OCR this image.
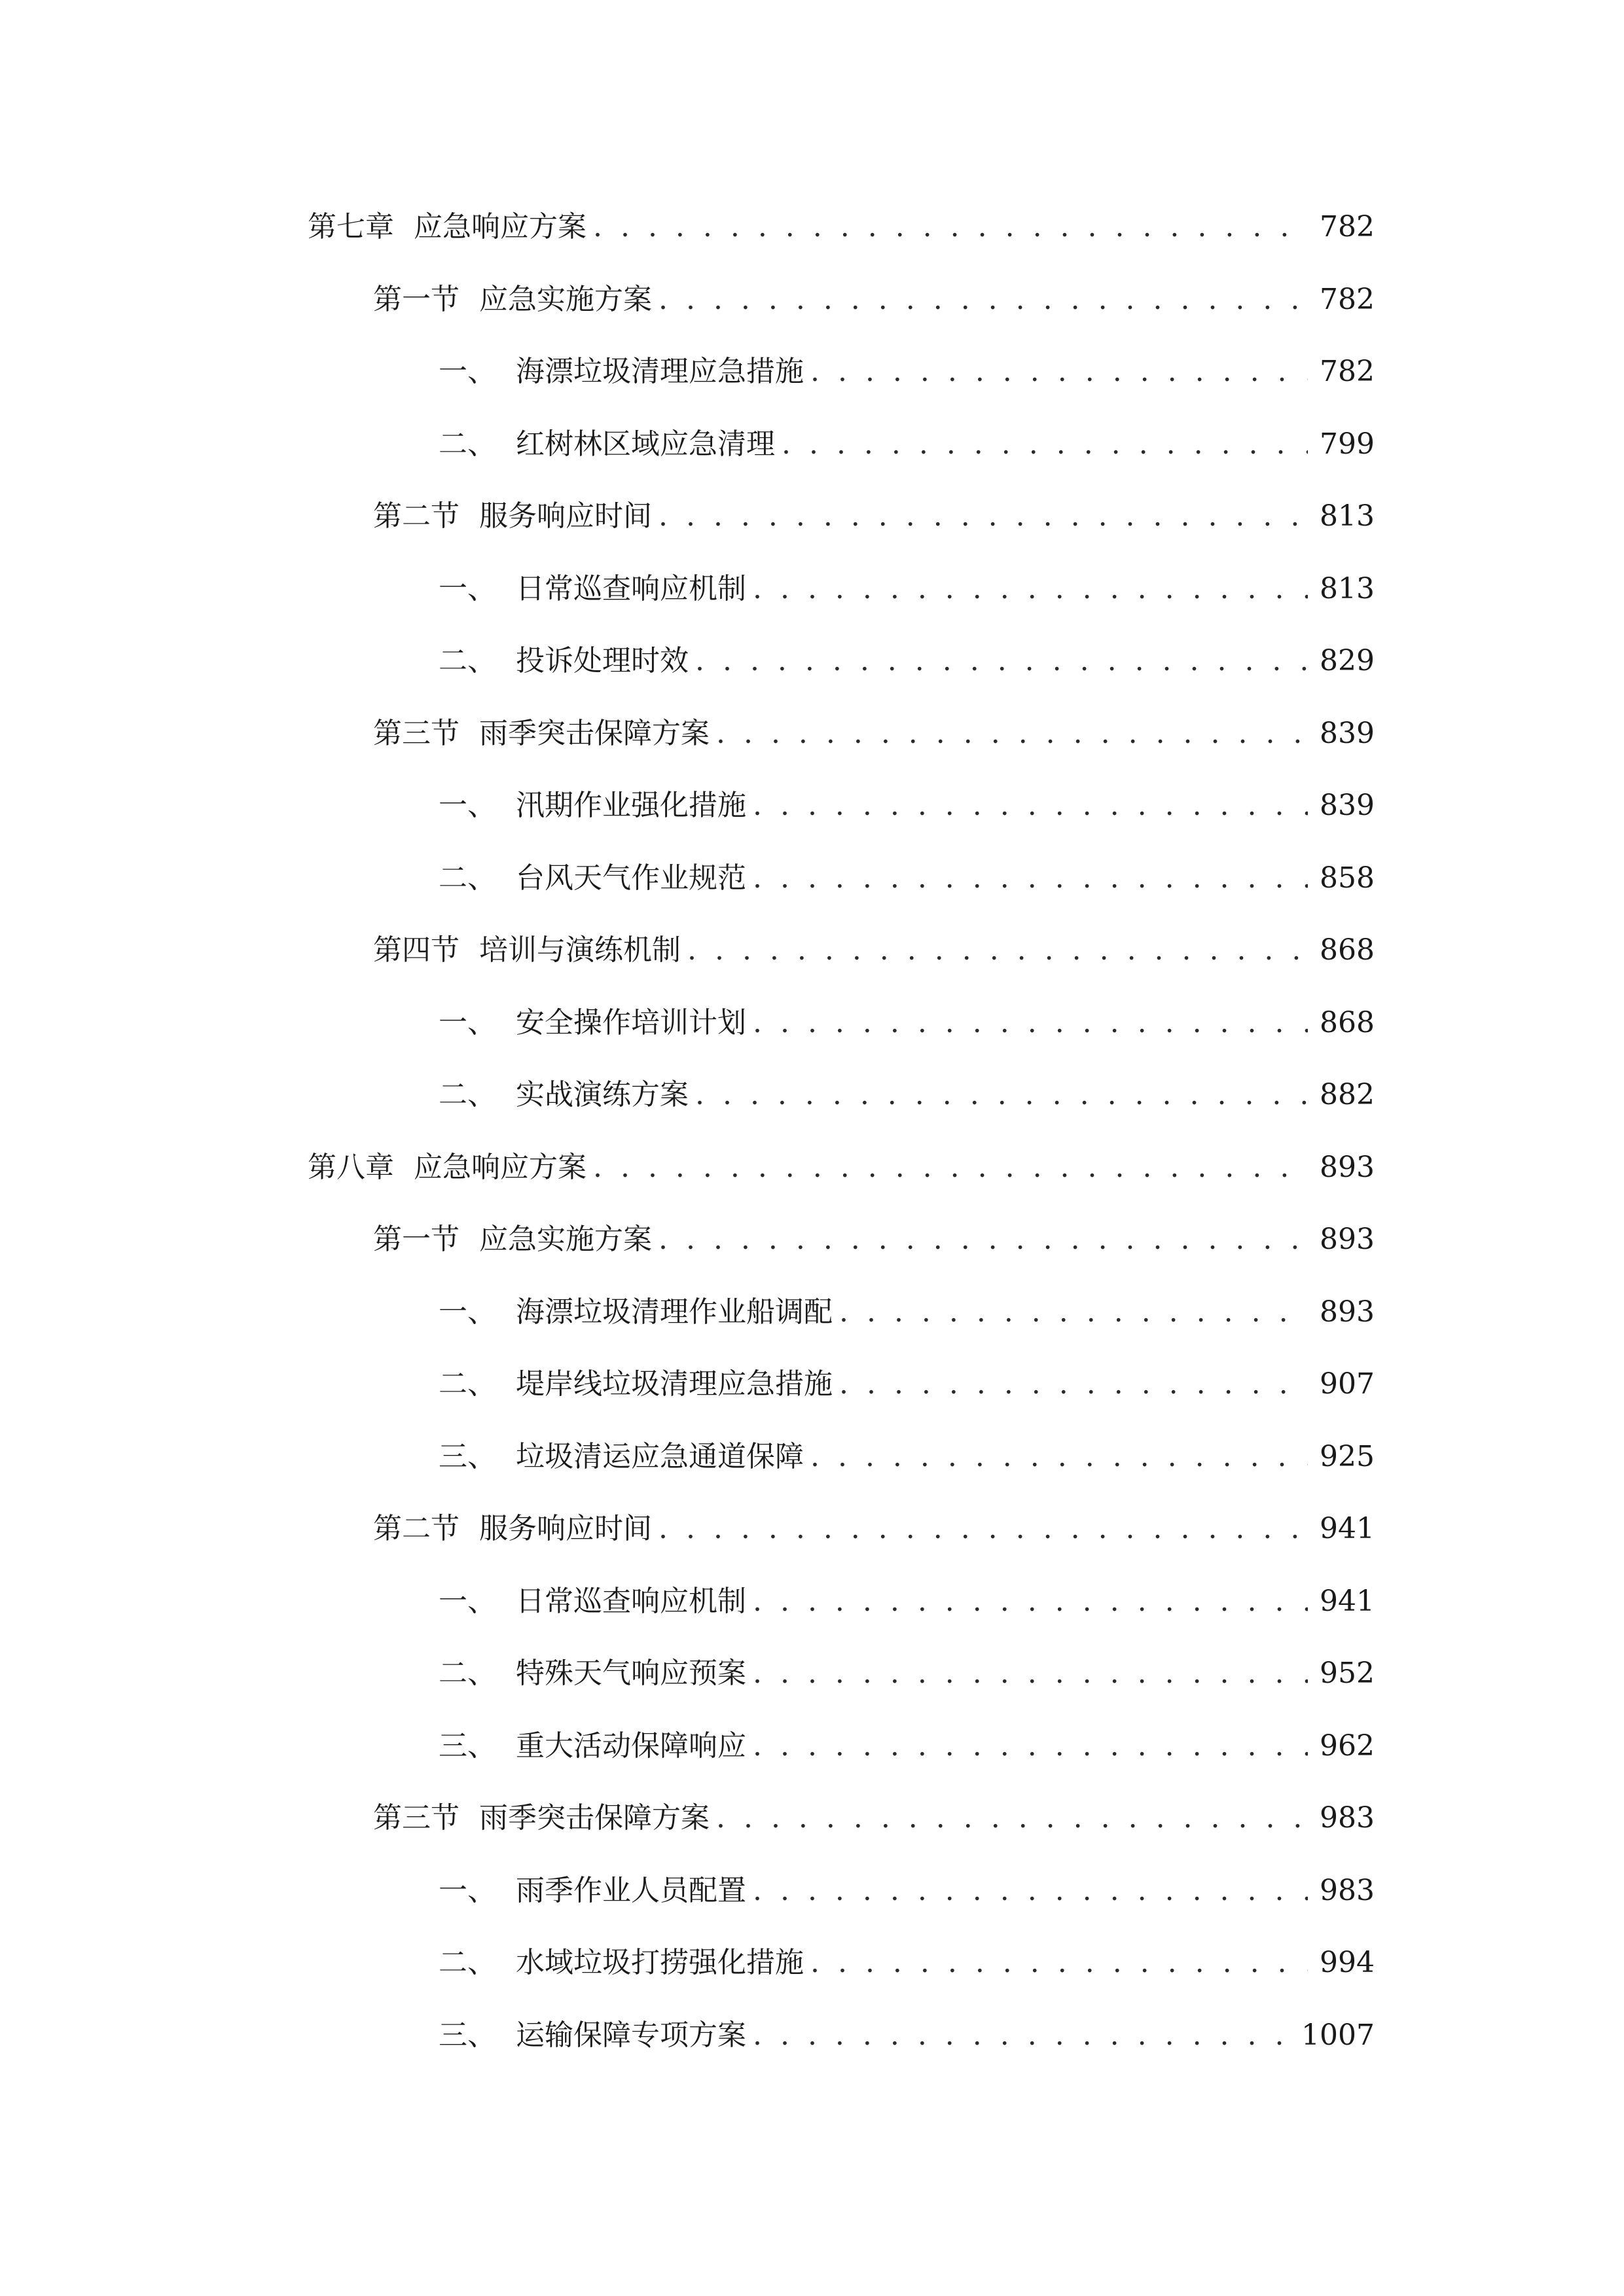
第七章 应急响应方案 . . .	782
第一节 应急实施方案 . . .	782
一、 海漂垃圾清理应急措施 . . .	782
二、 红树林区域应急清理 . . .	799
第二节 服务响应时间 . . .	813
一、 日常巡查响应机制 . . .	813
二、 投诉处理时效 . . .	829
第三节 雨季突击保障方案 . . .	839
一、 汛期作业强化措施 . . .	839
二、 台风天气作业规范 . . .	858
第四节 培训与演练机制 . . .	868
一、 安全操作培训计划 . . .	868
二、 实战演练方案 . . .	882
第八章 应急响应方案 . . .	893
第一节 应急实施方案 . . .	893
一、 海漂垃圾清理作业船调配 . . .	893
二、 堤岸线垃圾清理应急措施 . . .	907
三、 垃圾清运应急通道保障 . . .	925
第二节 服务响应时间 . . .	941
一、 日常巡查响应机制 . . .	941
二、 特殊天气响应预案 . . .	952
三、 重大活动保障响应 . . .	962
第三节 雨季突击保障方案 . . .	983
一、 雨季作业人员配置 . . .	983
二、 水域垃圾打捞强化措施 . . .	994
三、 运输保障专项方案 . . .	1007
